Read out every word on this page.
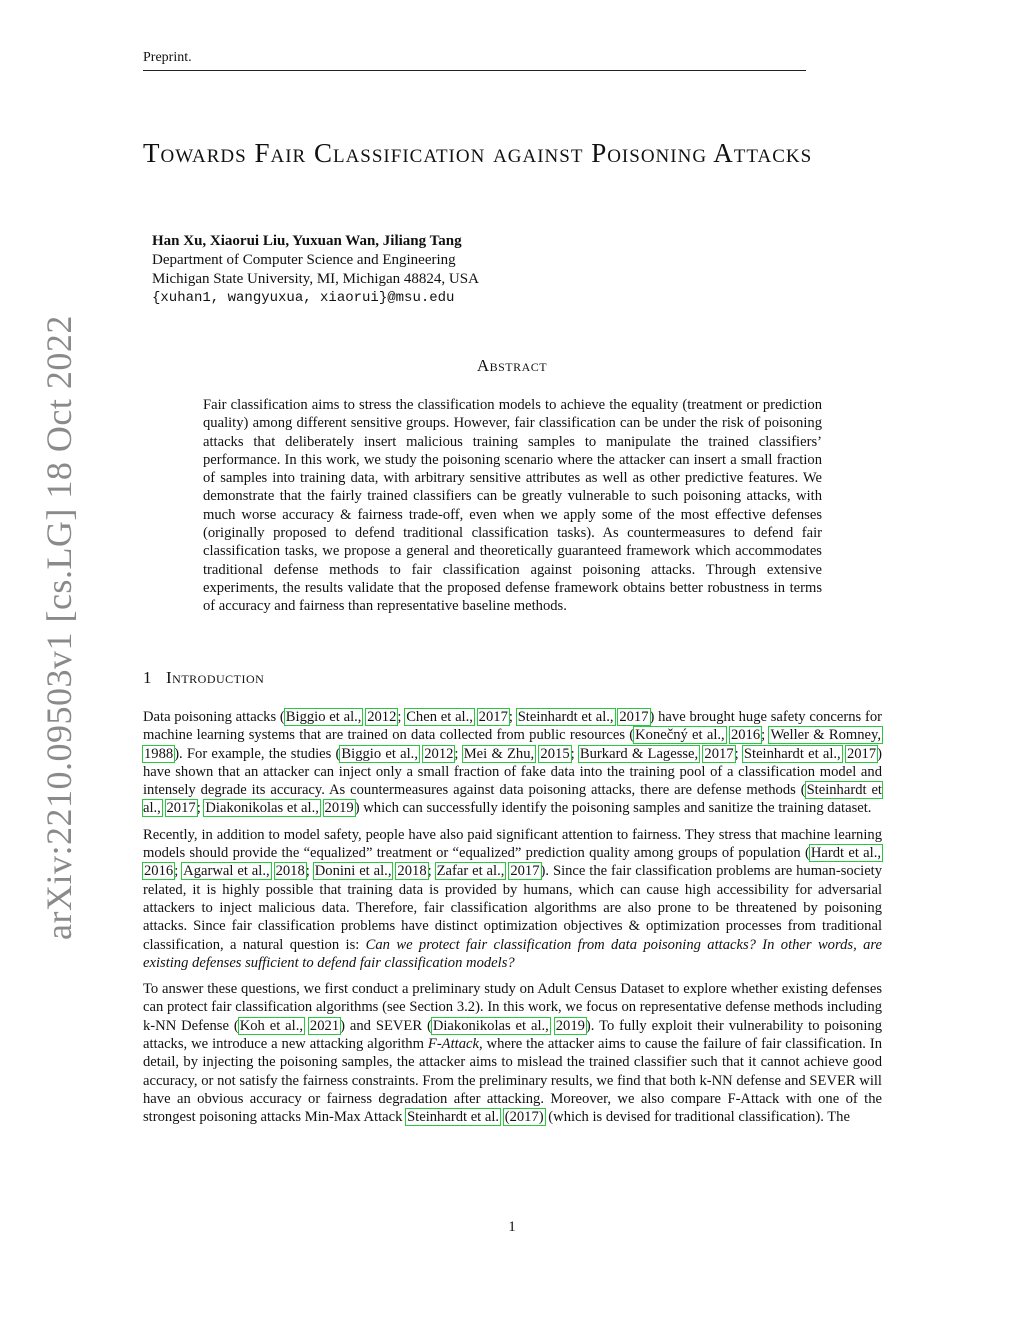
Preprint.
arXiv:2210.09503v1 [cs.LG] 18 Oct 2022
Towards Fair Classification against Poisoning Attacks
Han Xu, Xiaorui Liu, Yuxuan Wan, Jiliang Tang
Department of Computer Science and Engineering
Michigan State University, MI, Michigan 48824, USA
{xuhan1, wangyuxua, xiaorui}@msu.edu
Abstract

Fair classification aims to stress the classification models to achieve the equality (treatment or prediction quality) among different sensitive groups. However, fair classification can be under the risk of poisoning attacks that deliberately insert malicious training samples to manipulate the trained classifiers’ performance. In this work, we study the poisoning scenario where the attacker can insert a small fraction of samples into training data, with arbitrary sensitive attributes as well as other predictive features. We demonstrate that the fairly trained classifiers can be greatly vulnerable to such poisoning attacks, with much worse accuracy & fairness trade-off, even when we apply some of the most effective defenses (originally proposed to defend traditional classification tasks). As countermeasures to defend fair classification tasks, we propose a general and theoretically guaranteed framework which accommodates traditional defense methods to fair classification against poisoning attacks. Through extensive experiments, the results validate that the proposed defense framework obtains better robustness in terms of accuracy and fairness than representative baseline methods.

1 Introduction

Data poisoning attacks (Biggio et al., 2012; Chen et al., 2017; Steinhardt et al., 2017) have brought huge safety concerns for machine learning systems that are trained on data collected from public resources (Konečný et al., 2016; Weller & Romney, 1988). For example, the studies (Biggio et al., 2012; Mei & Zhu, 2015; Burkard & Lagesse, 2017; Steinhardt et al., 2017) have shown that an attacker can inject only a small fraction of fake data into the training pool of a classification model and intensely degrade its accuracy. As countermeasures against data poisoning attacks, there are defense methods (Steinhardt et al., 2017; Diakonikolas et al., 2019) which can successfully identify the poisoning samples and sanitize the training dataset.

Recently, in addition to model safety, people have also paid significant attention to fairness. They stress that machine learning models should provide the “equalized” treatment or “equalized” prediction quality among groups of population (Hardt et al., 2016; Agarwal et al., 2018; Donini et al., 2018; Zafar et al., 2017). Since the fair classification problems are human-society related, it is highly possible that training data is provided by humans, which can cause high accessibility for adversarial attackers to inject malicious data. Therefore, fair classification algorithms are also prone to be threatened by poisoning attacks. Since fair classification problems have distinct optimization objectives & optimization processes from traditional classification, a natural question is: Can we protect fair classification from data poisoning attacks? In other words, are existing defenses sufficient to defend fair classification models?

To answer these questions, we first conduct a preliminary study on Adult Census Dataset to explore whether existing defenses can protect fair classification algorithms (see Section 3.2). In this work, we focus on representative defense methods including k-NN Defense (Koh et al., 2021) and SEVER (Diakonikolas et al., 2019). To fully exploit their vulnerability to poisoning attacks, we introduce a new attacking algorithm F-Attack, where the attacker aims to cause the failure of fair classification. In detail, by injecting the poisoning samples, the attacker aims to mislead the trained classifier such that it cannot achieve good accuracy, or not satisfy the fairness constraints. From the preliminary results, we find that both k-NN defense and SEVER will have an obvious accuracy or fairness degradation after attacking. Moreover, we also compare F-Attack with one of the strongest poisoning attacks Min-Max Attack Steinhardt et al. (2017) (which is devised for traditional classification). The

1
